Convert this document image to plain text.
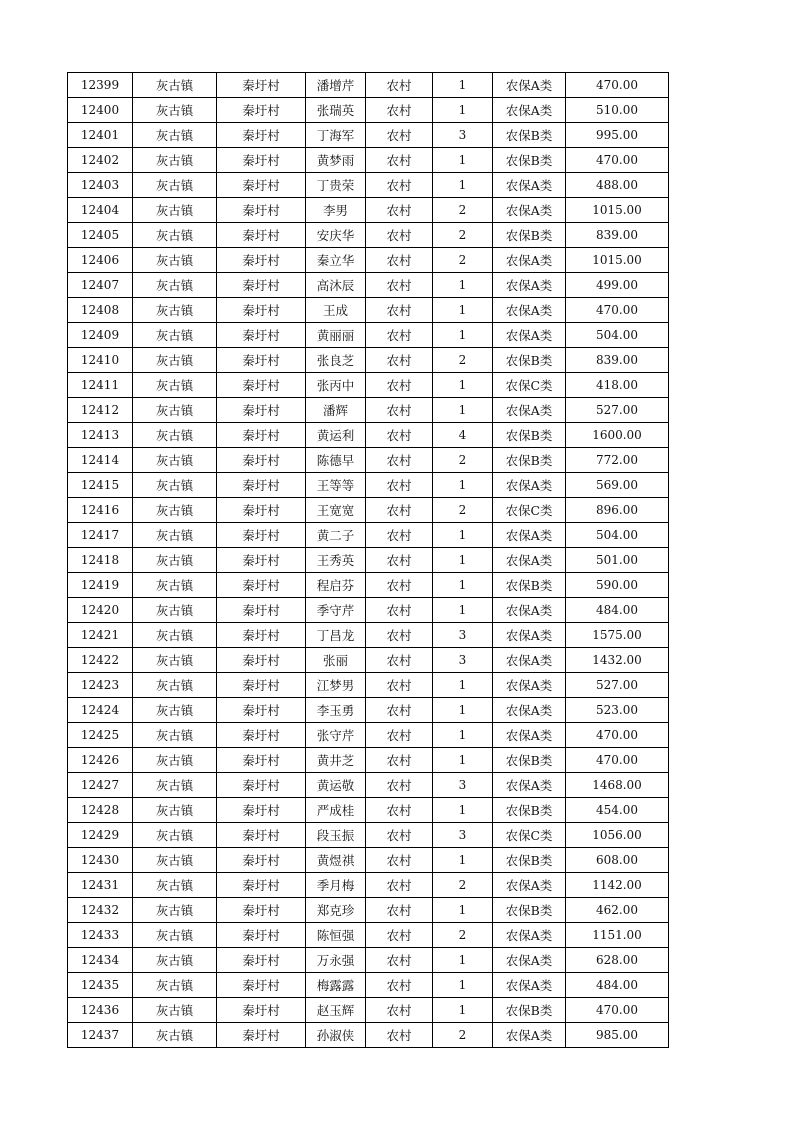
12399	灰古镇	秦圩村	潘增芹	农村	1	农保A类	470.00
12400	灰古镇	秦圩村	张瑞英	农村	1	农保A类	510.00
12401	灰古镇	秦圩村	丁海军	农村	3	农保B类	995.00
12402	灰古镇	秦圩村	黄梦雨	农村	1	农保B类	470.00
12403	灰古镇	秦圩村	丁贵荣	农村	1	农保A类	488.00
12404	灰古镇	秦圩村	李男	农村	2	农保A类	1015.00
12405	灰古镇	秦圩村	安庆华	农村	2	农保B类	839.00
12406	灰古镇	秦圩村	秦立华	农村	2	农保A类	1015.00
12407	灰古镇	秦圩村	高沐辰	农村	1	农保A类	499.00
12408	灰古镇	秦圩村	王成	农村	1	农保A类	470.00
12409	灰古镇	秦圩村	黄丽丽	农村	1	农保A类	504.00
12410	灰古镇	秦圩村	张良芝	农村	2	农保B类	839.00
12411	灰古镇	秦圩村	张丙中	农村	1	农保C类	418.00
12412	灰古镇	秦圩村	潘辉	农村	1	农保A类	527.00
12413	灰古镇	秦圩村	黄运利	农村	4	农保B类	1600.00
12414	灰古镇	秦圩村	陈德早	农村	2	农保B类	772.00
12415	灰古镇	秦圩村	王等等	农村	1	农保A类	569.00
12416	灰古镇	秦圩村	王宽宽	农村	2	农保C类	896.00
12417	灰古镇	秦圩村	黄二子	农村	1	农保A类	504.00
12418	灰古镇	秦圩村	王秀英	农村	1	农保A类	501.00
12419	灰古镇	秦圩村	程启芬	农村	1	农保B类	590.00
12420	灰古镇	秦圩村	季守芹	农村	1	农保A类	484.00
12421	灰古镇	秦圩村	丁昌龙	农村	3	农保A类	1575.00
12422	灰古镇	秦圩村	张丽	农村	3	农保A类	1432.00
12423	灰古镇	秦圩村	江梦男	农村	1	农保A类	527.00
12424	灰古镇	秦圩村	李玉勇	农村	1	农保A类	523.00
12425	灰古镇	秦圩村	张守芹	农村	1	农保A类	470.00
12426	灰古镇	秦圩村	黄井芝	农村	1	农保B类	470.00
12427	灰古镇	秦圩村	黄运敬	农村	3	农保A类	1468.00
12428	灰古镇	秦圩村	严成桂	农村	1	农保B类	454.00
12429	灰古镇	秦圩村	段玉振	农村	3	农保C类	1056.00
12430	灰古镇	秦圩村	黄煜祺	农村	1	农保B类	608.00
12431	灰古镇	秦圩村	季月梅	农村	2	农保A类	1142.00
12432	灰古镇	秦圩村	郑克珍	农村	1	农保B类	462.00
12433	灰古镇	秦圩村	陈恒强	农村	2	农保A类	1151.00
12434	灰古镇	秦圩村	万永强	农村	1	农保A类	628.00
12435	灰古镇	秦圩村	梅露露	农村	1	农保A类	484.00
12436	灰古镇	秦圩村	赵玉辉	农村	1	农保B类	470.00
12437	灰古镇	秦圩村	孙淑侠	农村	2	农保A类	985.00
